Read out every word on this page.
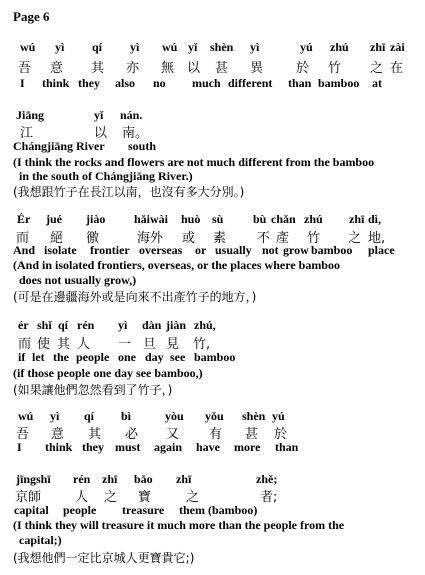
Page 6
wú yì qí yì wú yǐ shèn yì	yú zhú zhī zài
吾 意 其 亦 無 以 甚 異	於 竹 之 在
I think they also no much different than bamboo at
Jiāng	yǐ nán.
江	以 南。
Chángjiāng River south
(I think the rocks and flowers are not much different from the bamboo
in the south of Chángjiāng River.)
(我想跟竹子在長江以南，也沒有多大分別。)
Ér jué jiào hǎiwài huò sù bù chǎn zhú zhī dì,
而 絕 徼	海外 或 素 不 產 竹 之 地,
And isolate frontier overseas or usually not grow bamboo place
(And in isolated frontiers, overseas, or the places where bamboo
does not usually grow,)
(可是在邊疆海外或是向來不出產竹子的地方，)
ér shǐ qí rén yì dàn jiàn zhú,
而 使 其 人 一 旦 見 竹,
if let the people one day see bamboo
(if those people one day see bamboo,)
(如果讓他們忽然看到了竹子，)
wú yì qí bì	yòu yǒu shèn yú
吾 意 其 必 又 有 甚 於
I think they must again have more than
jīngshī rén zhī bǎo zhī	zhě;
京師	人 之 寶	之	者;
capital people treasure them (bamboo)
(I think they will treasure it much more than the people from the
capital;)
(我想他們一定比京城人更寶貴它;)
